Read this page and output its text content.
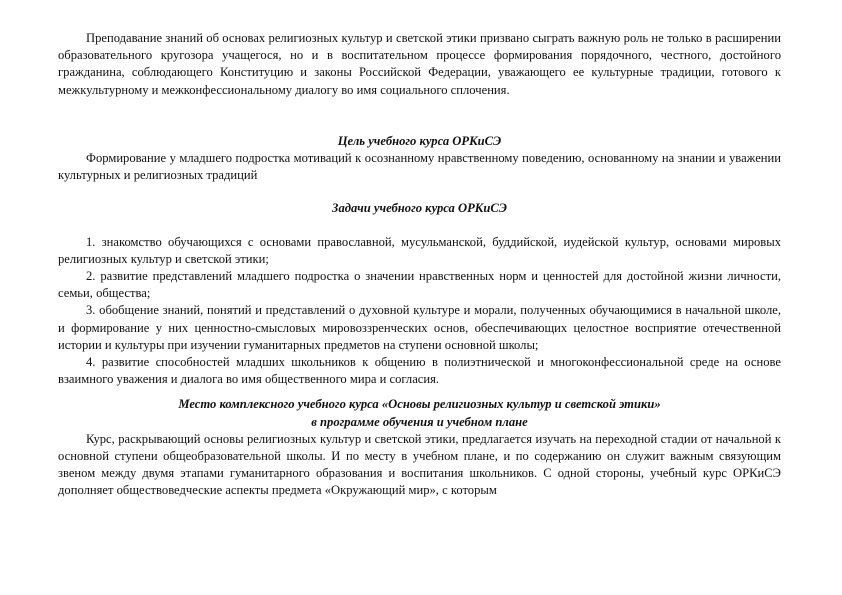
Преподавание знаний об основах религиозных культур и светской этики призвано сыграть важную роль не только в расширении образовательного кругозора учащегося, но и в воспитательном процессе формирования порядочного, честного, достойного гражданина, соблюдающего Конституцию и законы Российской Федерации, уважающего ее культурные традиции, готового к межкультурному и межконфессиональному диалогу во имя социального сплочения.

Цель учебного курса ОРКиСЭ

Формирование у младшего подростка мотиваций к осознанному нравственному поведению, основанному на знании и уважении культурных и религиозных традиций

Задачи учебного курса ОРКиСЭ

1. знакомство обучающихся с основами православной, мусульманской, буддийской, иудейской культур, основами мировых религиозных культур и светской этики;

2. развитие представлений младшего подростка о значении нравственных норм и ценностей для достойной жизни личности, семьи, общества;

3. обобщение знаний, понятий и представлений о духовной культуре и морали, полученных обучающимися в начальной школе, и формирование у них ценностно-смысловых мировоззренческих основ, обеспечивающих целостное восприятие отечественной истории и культуры при изучении гуманитарных предметов на ступени основной школы;

4. развитие способностей младших школьников к общению в полиэтнической и многоконфессиональной среде на основе взаимного уважения и диалога во имя общественного мира и согласия.

Место комплексного учебного курса «Основы религиозных культур и светской этики»

в программе обучения и учебном плане

Курс, раскрывающий основы религиозных культур и светской этики, предлагается изучать на переходной стадии от начальной к основной ступени общеобразовательной школы. И по месту в учебном плане, и по содержанию он служит важным связующим звеном между двумя этапами гуманитарного образования и воспитания школьников. С одной стороны, учебный курс ОРКиСЭ дополняет обществоведческие аспекты предмета «Окружающий мир», с которым
